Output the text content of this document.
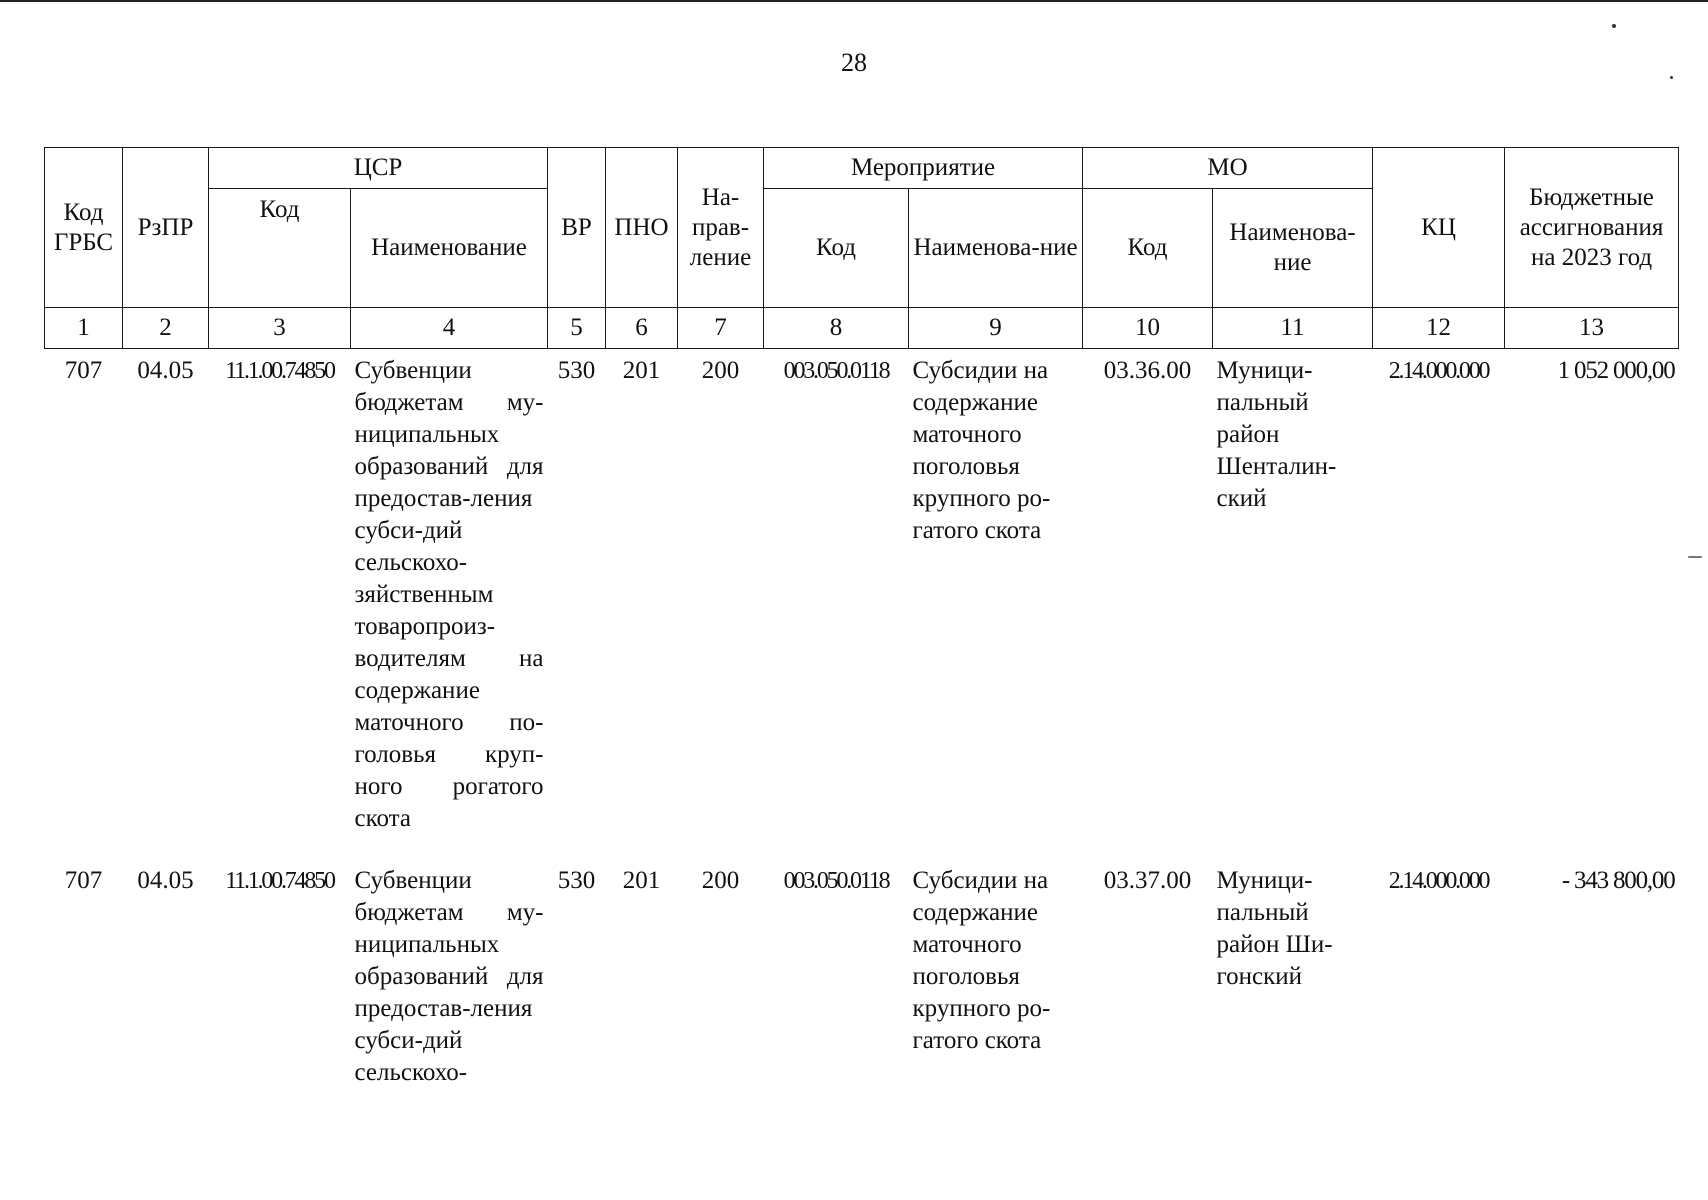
28
Код ГРБС	РзПР	ЦСР		ВР	ПНО	На-прав-ление	Мероприятие		МО		КЦ	Бюджетные ассигнования на 2023 год
		Код	Наименование				Код	Наименова-ние	Код	Наименова-ние		
1	2	3	4	5	6	7	8	9	10	11	12	13
707	04.05	11.1.00.74850	Субвенции бюджетам му-ниципальных образований для предостав-ления субси-дий сельскохо-зяйственным товаропроиз-водителям на содержание маточного по-головья круп-ного рогатого скота	530	201	200	003.050.0118	Субсидии на содержание маточного поголовья крупного ро-гатого скота	03.36.00	Муници-пальный район Шенталин-ский	2.14.000.000	1 052 000,00
707	04.05	11.1.00.74850	Субвенции бюджетам му-ниципальных образований для предостав-ления субси-дий сельскохо-	530	201	200	003.050.0118	Субсидии на содержание маточного поголовья крупного ро-гатого скота	03.37.00	Муници-пальный район Ши-гонский	2.14.000.000	- 343 800,00
